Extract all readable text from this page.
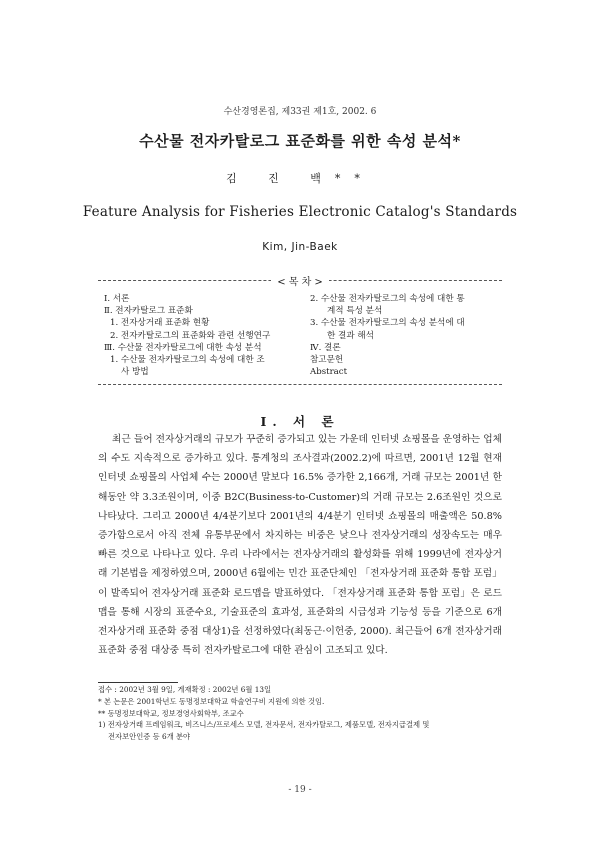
수산경영론집, 제33권 제1호, 2002. 6
수산물 전자카탈로그 표준화를 위한 속성 분석*
김 진 백**
Feature Analysis for Fisheries Electronic Catalog's Standards
Kim, Jin-Baek
< 목 차 >
Ⅰ. 서론
Ⅱ. 전자카탈로그 표준화
1. 전자상거래 표준화 현황
2. 전자카탈로그의 표준화와 관련 선행연구
Ⅲ. 수산물 전자카탈로그에 대한 속성 분석
1. 수산물 전자카탈로그의 속성에 대한 조
사 방법
2. 수산물 전자카탈로그의 속성에 대한 통
계적 특성 분석
3. 수산물 전자카탈로그의 속성 분석에 대
한 결과 해석
Ⅳ. 결론
참고문헌
Abstract
Ⅰ. 서 론
최근 들어 전자상거래의 규모가 꾸준히 증가되고 있는 가운데 인터넷 쇼핑몰을 운영하는 업체의 수도 지속적으로 증가하고 있다. 통계청의 조사결과(2002.2)에 따르면, 2001년 12월 현재 인터넷 쇼핑몰의 사업체 수는 2000년 말보다 16.5% 증가한 2,166개, 거래 규모는 2001년 한해동안 약 3.3조원이며, 이중 B2C(Business-to-Customer)의 거래 규모는 2.6조원인 것으로 나타났다. 그리고 2000년 4/4분기보다 2001년의 4/4분기 인터넷 쇼핑몰의 매출액은 50.8% 증가함으로서 아직 전체 유통부문에서 차지하는 비중은 낮으나 전자상거래의 성장속도는 매우 빠른 것으로 나타나고 있다. 우리 나라에서는 전자상거래의 활성화를 위해 1999년에 전자상거래 기본법을 제정하였으며, 2000년 6월에는 민간 표준단체인 「전자상거래 표준화 통합 포럼」이 발족되어 전자상거래 표준화 로드맵을 발표하였다. 「전자상거래 표준화 통합 포럼」은 로드맵을 통해 시장의 표준수요, 기술표준의 효과성, 표준화의 시급성과 기능성 등을 기준으로 6개 전자상거래 표준화 중점 대상1)을 선정하였다(최동근·이헌중, 2000). 최근들어 6개 전자상거래 표준화 중점 대상중 특히 전자카탈로그에 대한 관심이 고조되고 있다.
접수 : 2002년 3월 9일, 게재확정 : 2002년 6월 13일
* 본 논문은 2001학년도 동명정보대학교 학술연구비 지원에 의한 것임.
** 동명정보대학교, 정보경영사회학부, 조교수
1) 전자상거래 프레임워크, 비즈니스/프로세스 모델, 전자문서, 전자카탈로그, 제품모델, 전자지급결제 및
전자보안인증 등 6개 분야
- 19 -
